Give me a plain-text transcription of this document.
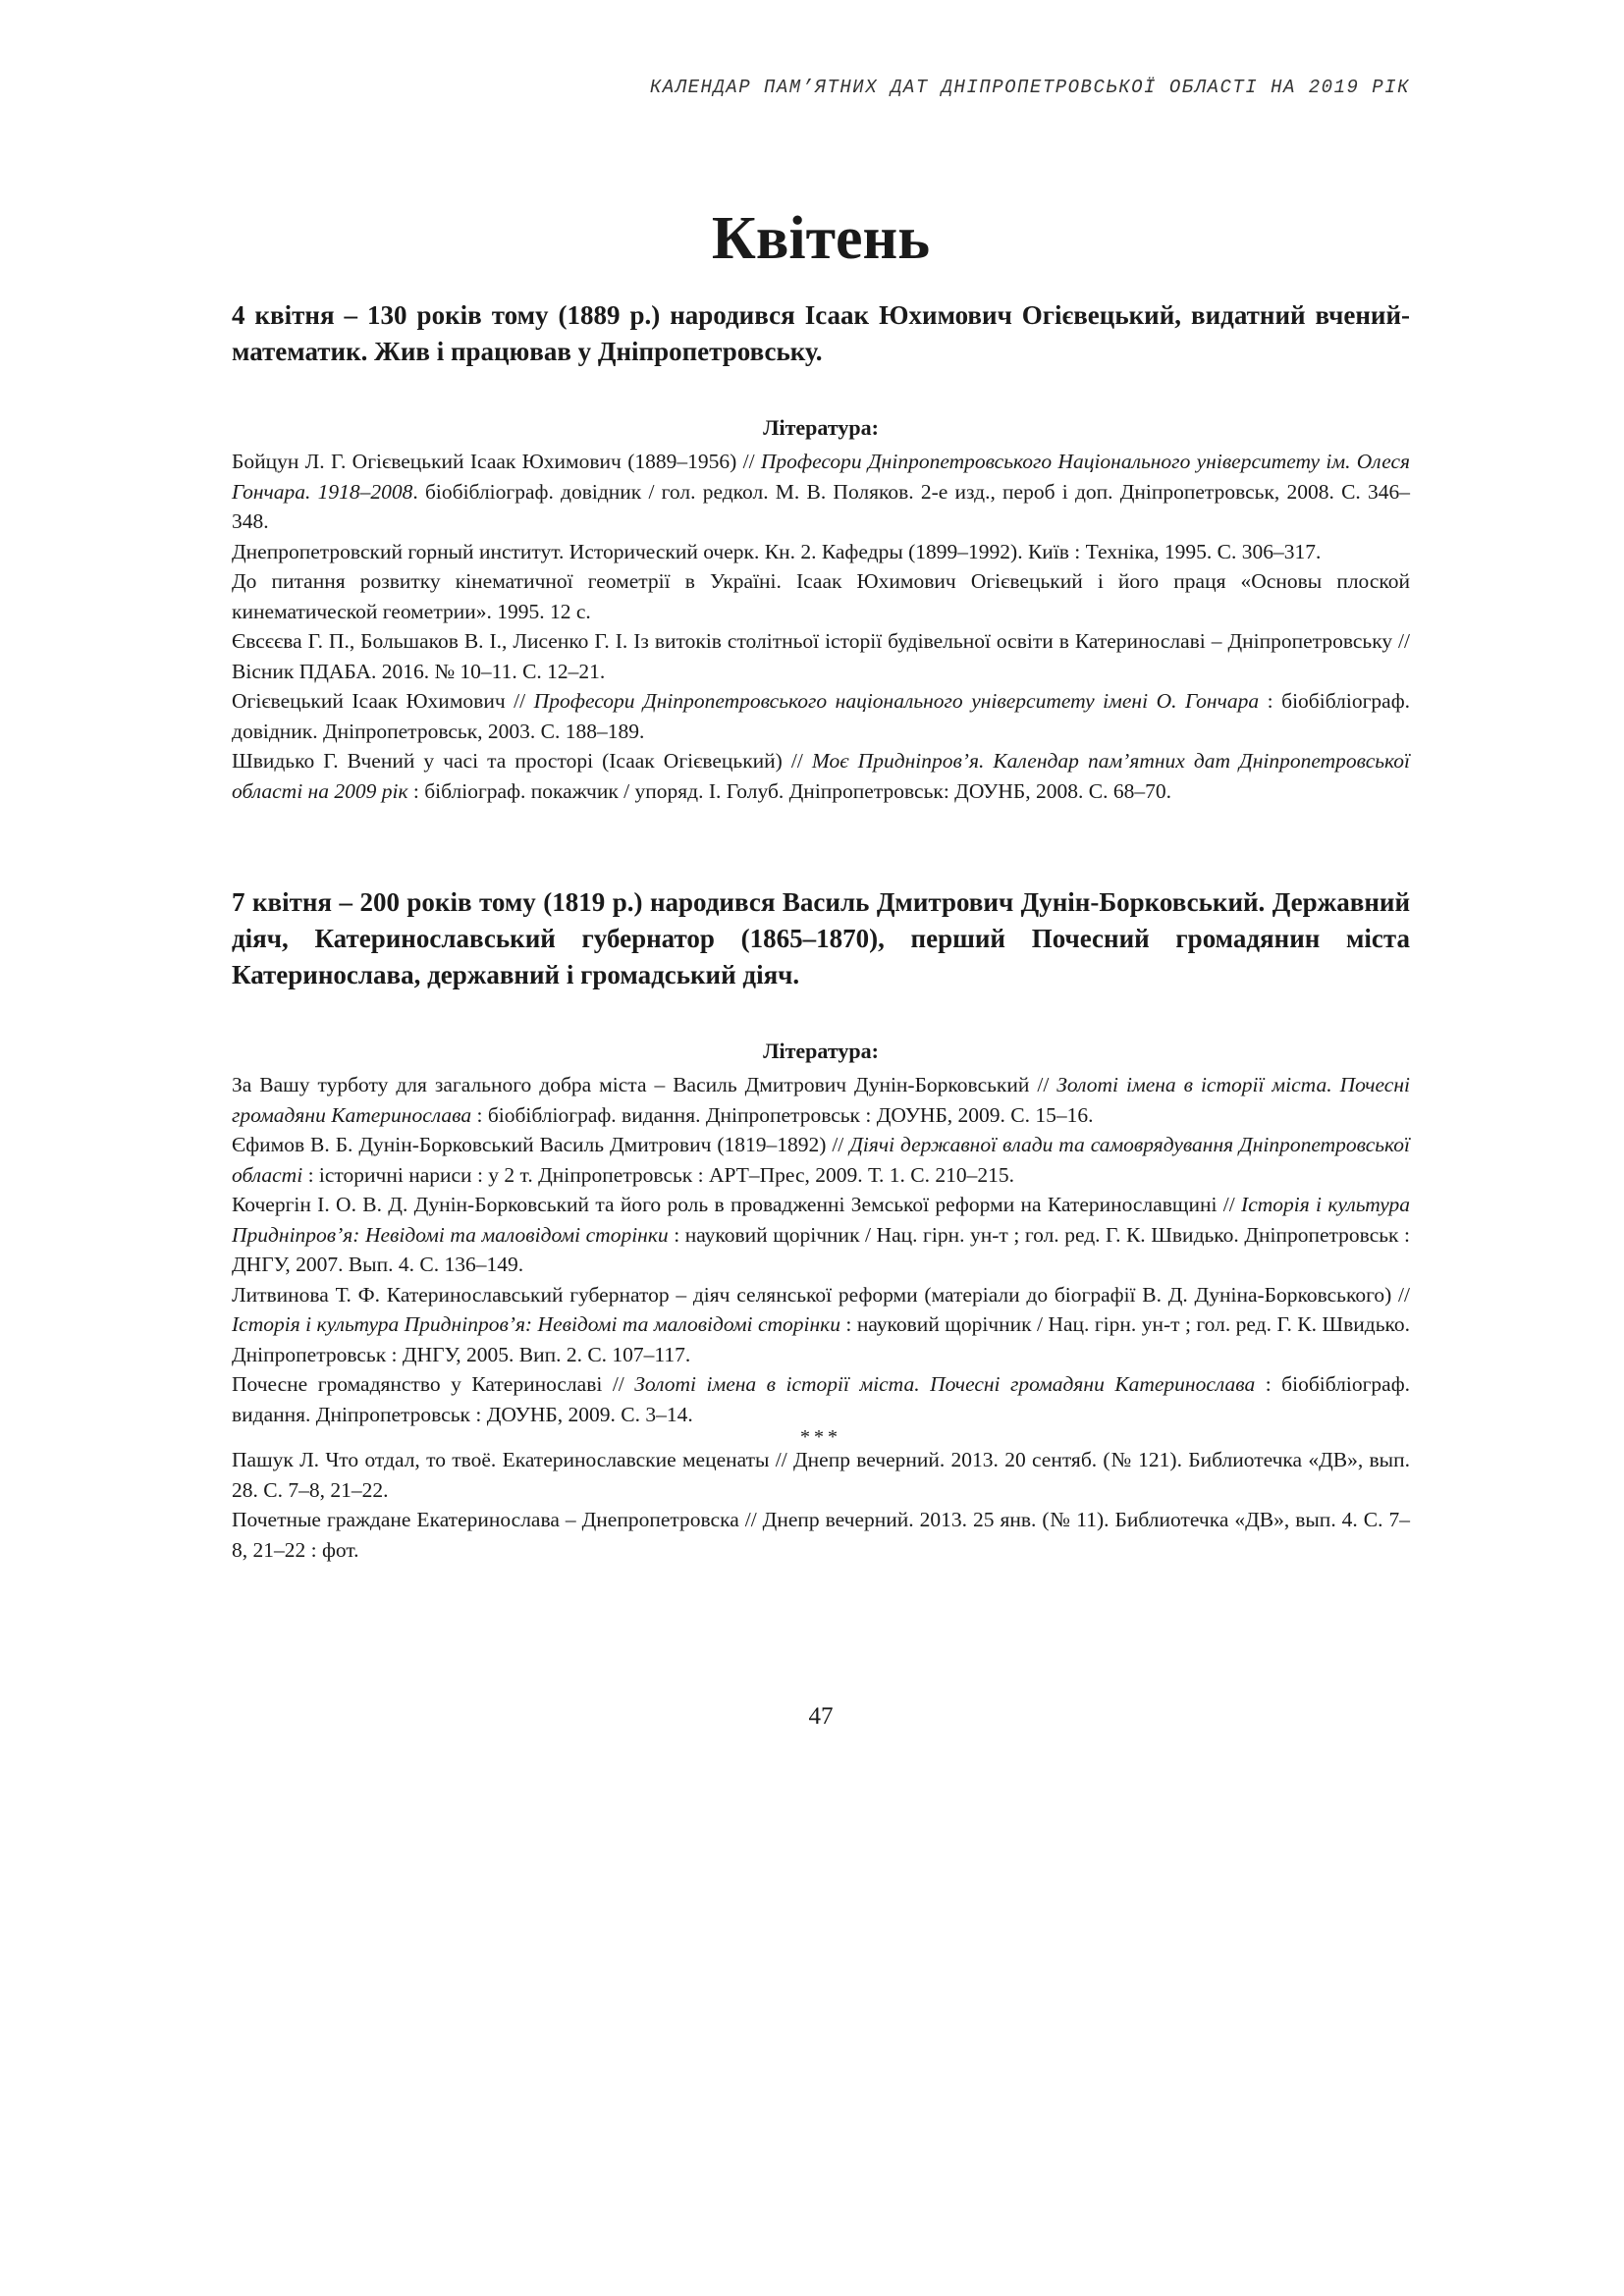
КАЛЕНДАР ПАМ’ЯТНИХ ДАТ ДНІПРОПЕТРОВСЬКОЇ ОБЛАСТІ НА 2019 РІК
Квітень

4 квітня – 130 років тому (1889 р.) народився Ісаак Юхимович Огієвецький, видатний вчений-математик. Жив і працював у Дніпропетровську.

Література:

Бойцун Л. Г. Огієвецький Ісаак Юхимович (1889–1956) // Професори Дніпропетровського Національного університету ім. Олеся Гончара. 1918–2008. біобібліограф. довідник / гол. редкол. М. В. Поляков. 2-е изд., пероб і доп. Дніпропетровськ, 2008. С. 346–348.

Днепропетровский горный институт. Исторический очерк. Кн. 2. Кафедры (1899–1992). Київ : Техніка, 1995. С. 306–317.

До питання розвитку кінематичної геометрії в Україні. Ісаак Юхимович Огієвецький і його праця «Основы плоской кинематической геометрии». 1995. 12 с.

Євсєєва Г. П., Большаков В. І., Лисенко Г. І. Із витоків столітньої історії будівельної освіти в Катеринославі – Дніпропетровську // Вісник ПДАБА. 2016. № 10–11. С. 12–21.

Огієвецький Ісаак Юхимович // Професори Дніпропетровського національного університету імені О. Гончара : біобібліограф. довідник. Дніпропетровськ, 2003. С. 188–189.

Швидько Г. Вчений у часі та просторі (Ісаак Огієвецький) // Моє Придніпров’я. Календар пам’ятних дат Дніпропетровської області на 2009 рік : бібліограф. покажчик / упоряд. І. Голуб. Дніпропетровськ: ДОУНБ, 2008. С. 68–70.

7 квітня – 200 років тому (1819 р.) народився Василь Дмитрович Дунін-Борковський. Державний діяч, Катеринославський губернатор (1865–1870), перший Почесний громадянин міста Катеринослава, державний і громадський діяч.

Література:

За Вашу турботу для загального добра міста – Василь Дмитрович Дунін-Борковський // Золоті імена в історії міста. Почесні громадяни Катеринослава : біобібліограф. видання. Дніпропетровськ : ДОУНБ, 2009. С. 15–16.

Єфимов В. Б. Дунін-Борковський Василь Дмитрович (1819–1892) // Діячі державної влади та самоврядування Дніпропетровської області : історичні нариси : у 2 т. Дніпропетровськ : АРТ–Прес, 2009. Т. 1. С. 210–215.

Кочергін І. О. В. Д. Дунін-Борковський та його роль в провадженні Земської реформи на Катеринославщині // Історія і культура Придніпров’я: Невідомі та маловідомі сторінки : науковий щорічник / Нац. гірн. ун-т ; гол. ред. Г. К. Швидько. Дніпропетровськ : ДНГУ, 2007. Вып. 4. С. 136–149.

Литвинова Т. Ф. Катеринославський губернатор – діяч селянської реформи (матеріали до біографії В. Д. Дуніна-Борковського) // Історія і культура Придніпров’я: Невідомі та маловідомі сторінки : науковий щорічник / Нац. гірн. ун-т ; гол. ред. Г. К. Швидько. Дніпропетровськ : ДНГУ, 2005. Вип. 2. С. 107–117.

Почесне громадянство у Катеринославі // Золоті імена в історії міста. Почесні громадяни Катеринослава : біобібліограф. видання. Дніпропетровськ : ДОУНБ, 2009. С. 3–14.

***

Пашук Л. Что отдал, то твоё. Екатеринославские меценаты // Днепр вечерний. 2013. 20 сентяб. (№ 121). Библиотечка «ДВ», вып. 28. С. 7–8, 21–22.

Почетные граждане Екатеринослава – Днепропетровска // Днепр вечерний. 2013. 25 янв. (№ 11). Библиотечка «ДВ», вып. 4. С. 7–8, 21–22 : фот.

47
